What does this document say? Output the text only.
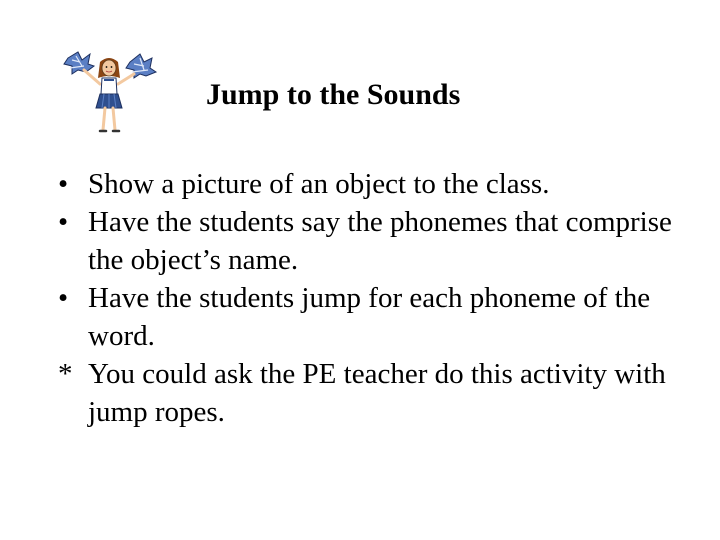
Jump to the Sounds
• Show a picture of an object to the class.
• Have the students say the phonemes that comprise the object’s name.
• Have the students jump for each phoneme of the word.
* You could ask the PE teacher do this activity with jump ropes.
